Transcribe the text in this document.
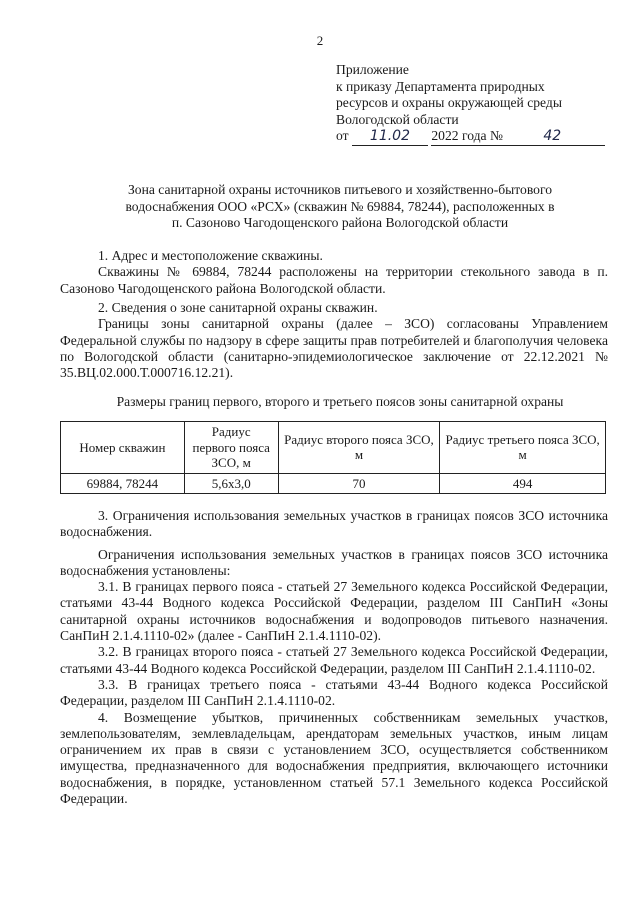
2
Приложение
к приказу Департамента природных
ресурсов и охраны окружающей среды
Вологодской области
от 11.02 2022 года №	42
Зона санитарной охраны источников питьевого и хозяйственно-бытового
водоснабжения ООО «РСХ» (скважин № 69884, 78244), расположенных в
п. Сазоново Чагодощенского района Вологодской области

1. Адрес и местоположение скважины.

Скважины № 69884, 78244 расположены на территории стекольного завода в п. Сазоново Чагодощенского района Вологодской области.

2. Сведения о зоне санитарной охраны скважин.

Границы зоны санитарной охраны (далее – ЗСО) согласованы Управлением Федеральной службы по надзору в сфере защиты прав потребителей и благополучия человека по Вологодской области (санитарно-эпидемиологическое заключение от 22.12.2021 № 35.ВЦ.02.000.Т.000716.12.21).

Размеры границ первого, второго и третьего поясов зоны санитарной охраны
Номер скважин	Радиус первого пояса ЗСО, м	Радиус второго пояса ЗСО, м	Радиус третьего пояса ЗСО, м
69884, 78244	5,6x3,0	70	494

3. Ограничения использования земельных участков в границах поясов ЗСО источника водоснабжения.

Ограничения использования земельных участков в границах поясов ЗСО источника водоснабжения установлены:

3.1. В границах первого пояса - статьей 27 Земельного кодекса Российской Федерации, статьями 43-44 Водного кодекса Российской Федерации, разделом III СанПиН «Зоны санитарной охраны источников водоснабжения и водопроводов питьевого назначения. СанПиН 2.1.4.1110-02» (далее - СанПиН 2.1.4.1110-02).

3.2. В границах второго пояса - статьей 27 Земельного кодекса Российской Федерации, статьями 43-44 Водного кодекса Российской Федерации, разделом III СанПиН 2.1.4.1110-02.

3.3. В границах третьего пояса - статьями 43-44 Водного кодекса Российской Федерации, разделом III СанПиН 2.1.4.1110-02.

4. Возмещение убытков, причиненных собственникам земельных участков, землепользователям, землевладельцам, арендаторам земельных участков, иным лицам ограничением их прав в связи с установлением ЗСО, осуществляется собственником имущества, предназначенного для водоснабжения предприятия, включающего источники водоснабжения, в порядке, установленном статьей 57.1 Земельного кодекса Российской Федерации.
